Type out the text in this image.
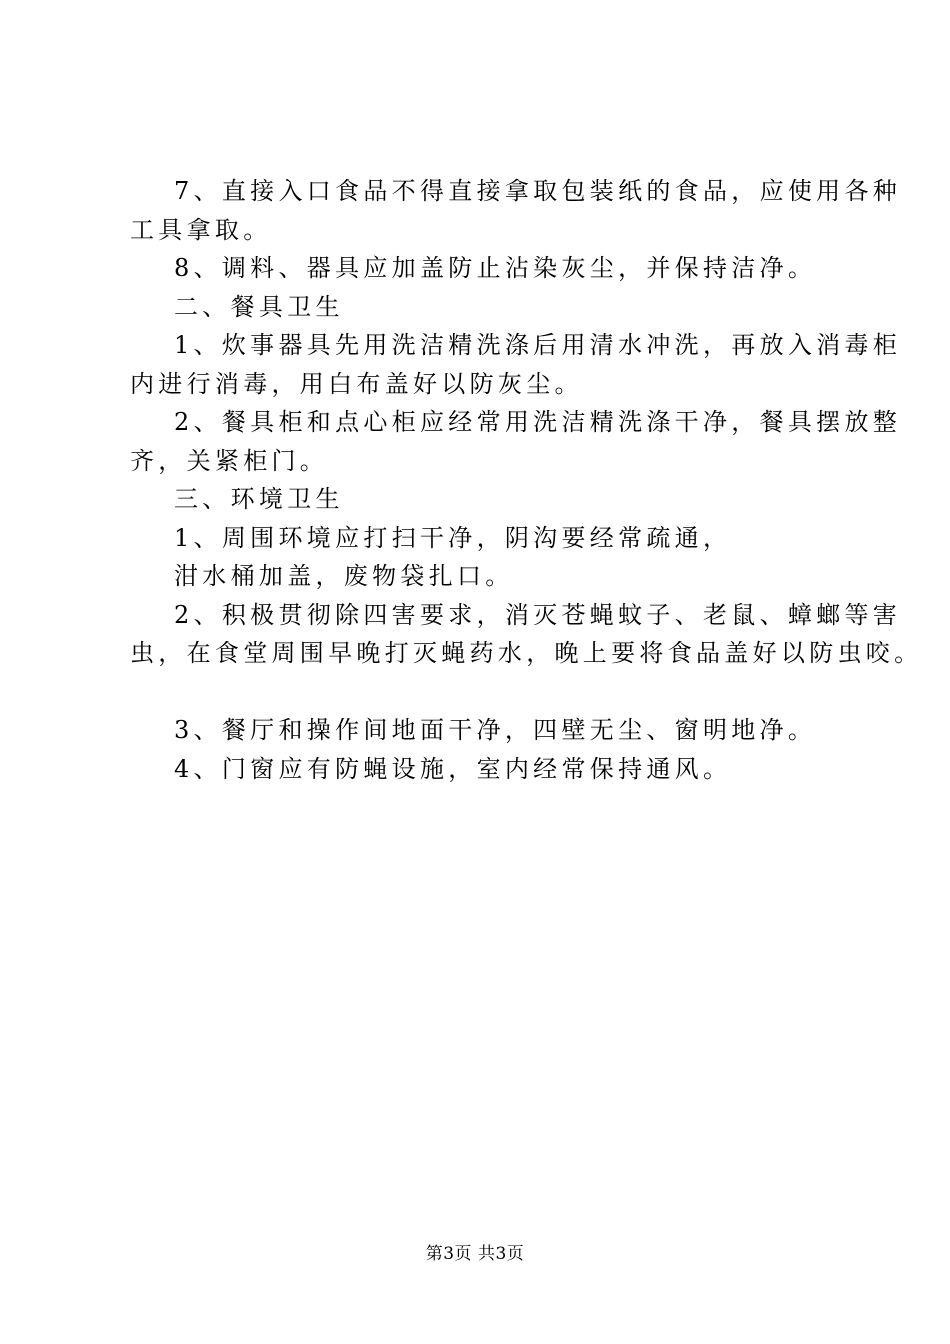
7、直接入口食品不得直接拿取包装纸的食品，应使用各种
工具拿取。
8、调料、器具应加盖防止沾染灰尘，并保持洁净。
二、餐具卫生
1、炊事器具先用洗洁精洗涤后用清水冲洗，再放入消毒柜
内进行消毒，用白布盖好以防灰尘。
2、餐具柜和点心柜应经常用洗洁精洗涤干净，餐具摆放整
齐，关紧柜门。
三、环境卫生
1、周围环境应打扫干净，阴沟要经常疏通，
泔水桶加盖，废物袋扎口。
2、积极贯彻除四害要求，消灭苍蝇蚊子、老鼠、蟑螂等害
虫，在食堂周围早晚打灭蝇药水，晚上要将食品盖好以防虫咬。
3、餐厅和操作间地面干净，四壁无尘、窗明地净。
4、门窗应有防蝇设施，室内经常保持通风。
第3页 共3页
